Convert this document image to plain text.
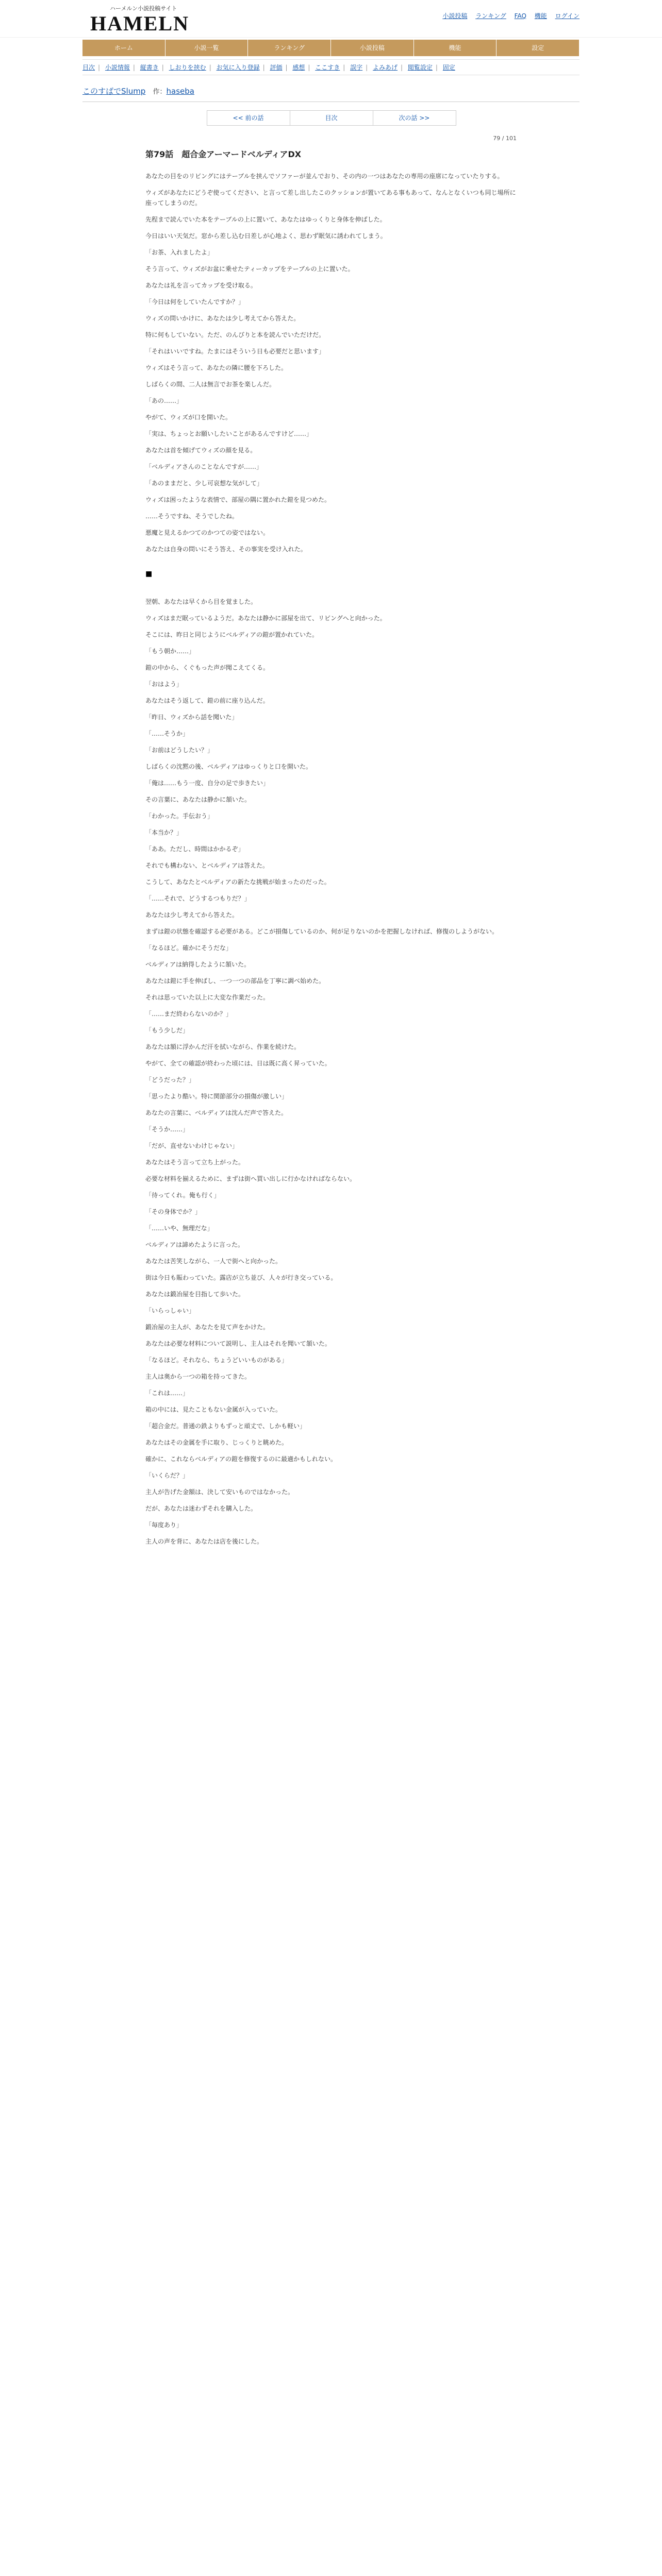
ハーメルン小説投稿サイト
HAMELN	小説投稿 ランキング FAQ 機能 ログイン
ホーム	小説一覧	ランキング	小説投稿	機能	設定
目次 | 小説情報 | 縦書き | しおりを挟む | お気に入り登録 | 評価 | 感想 | ここすき | 誤字 | よみあげ | 閲覧設定 | 固定
このすばでSlump 作：haseba
<< 前の話	目次	次の話 >>
79 / 101
第79話　超合金アーマードベルディアDX

あなたの目をのリビングにはテーブルを挟んでソファーが並んでおり、その内の一つはあなたの専用の座席になっていたりする。

ウィズがあなたにどうぞ使ってください、と言って差し出したこのクッションが置いてある事もあって、なんとなくいつも同じ場所に座ってしまうのだ。

先程まで読んでいた本をテーブルの上に置いて、あなたはゆっくりと身体を伸ばした。

今日はいい天気だ。窓から差し込む日差しが心地よく、思わず眠気に誘われてしまう。

「お茶、入れましたよ」

そう言って、ウィズがお盆に乗せたティーカップをテーブルの上に置いた。

あなたは礼を言ってカップを受け取る。

「今日は何をしていたんですか？」

ウィズの問いかけに、あなたは少し考えてから答えた。

特に何もしていない。ただ、のんびりと本を読んでいただけだ。

「それはいいですね。たまにはそういう日も必要だと思います」

ウィズはそう言って、あなたの隣に腰を下ろした。

しばらくの間、二人は無言でお茶を楽しんだ。

「あの……」

やがて、ウィズが口を開いた。

「実は、ちょっとお願いしたいことがあるんですけど……」

あなたは首を傾げてウィズの顔を見る。

「ベルディアさんのことなんですが……」

「あのままだと、少し可哀想な気がして」

ウィズは困ったような表情で、部屋の隅に置かれた鎧を見つめた。

……そうですね、そうでしたね。

悪魔と見えるかつてのかつての姿ではない。

あなたは自身の問いにそう答え、その事実を受け入れた。

■

翌朝、あなたは早くから目を覚ました。

ウィズはまだ眠っているようだ。あなたは静かに部屋を出て、リビングへと向かった。

そこには、昨日と同じようにベルディアの鎧が置かれていた。

「もう朝か……」

鎧の中から、くぐもった声が聞こえてくる。

「おはよう」

あなたはそう返して、鎧の前に座り込んだ。

「昨日、ウィズから話を聞いた」

「……そうか」

「お前はどうしたい？」

しばらくの沈黙の後、ベルディアはゆっくりと口を開いた。

「俺は……もう一度、自分の足で歩きたい」

その言葉に、あなたは静かに頷いた。

「わかった。手伝おう」

「本当か？」

「ああ。ただし、時間はかかるぞ」

それでも構わない、とベルディアは答えた。

こうして、あなたとベルディアの新たな挑戦が始まったのだった。

「……それで、どうするつもりだ？」

あなたは少し考えてから答えた。

まずは鎧の状態を確認する必要がある。どこが損傷しているのか、何が足りないのかを把握しなければ、修復のしようがない。

「なるほど。確かにそうだな」

ベルディアは納得したように頷いた。

あなたは鎧に手を伸ばし、一つ一つの部品を丁寧に調べ始めた。

それは思っていた以上に大変な作業だった。

「……まだ終わらないのか？」

「もう少しだ」

あなたは額に浮かんだ汗を拭いながら、作業を続けた。

やがて、全ての確認が終わった頃には、日は既に高く昇っていた。

「どうだった？」

「思ったより酷い。特に関節部分の損傷が激しい」

あなたの言葉に、ベルディアは沈んだ声で答えた。

「そうか……」

「だが、直せないわけじゃない」

あなたはそう言って立ち上がった。

必要な材料を揃えるために、まずは街へ買い出しに行かなければならない。

「待ってくれ。俺も行く」

「その身体でか？」

「……いや、無理だな」

ベルディアは諦めたように言った。

あなたは苦笑しながら、一人で街へと向かった。

街は今日も賑わっていた。露店が立ち並び、人々が行き交っている。

あなたは鍛冶屋を目指して歩いた。

「いらっしゃい」

鍛冶屋の主人が、あなたを見て声をかけた。

あなたは必要な材料について説明し、主人はそれを聞いて頷いた。

「なるほど。それなら、ちょうどいいものがある」

主人は奥から一つの箱を持ってきた。

「これは……」

箱の中には、見たこともない金属が入っていた。

「超合金だ。普通の鉄よりもずっと頑丈で、しかも軽い」

あなたはその金属を手に取り、じっくりと眺めた。

確かに、これならベルディアの鎧を修復するのに最適かもしれない。

「いくらだ？」

主人が告げた金額は、決して安いものではなかった。

だが、あなたは迷わずそれを購入した。

「毎度あり」

主人の声を背に、あなたは店を後にした。
